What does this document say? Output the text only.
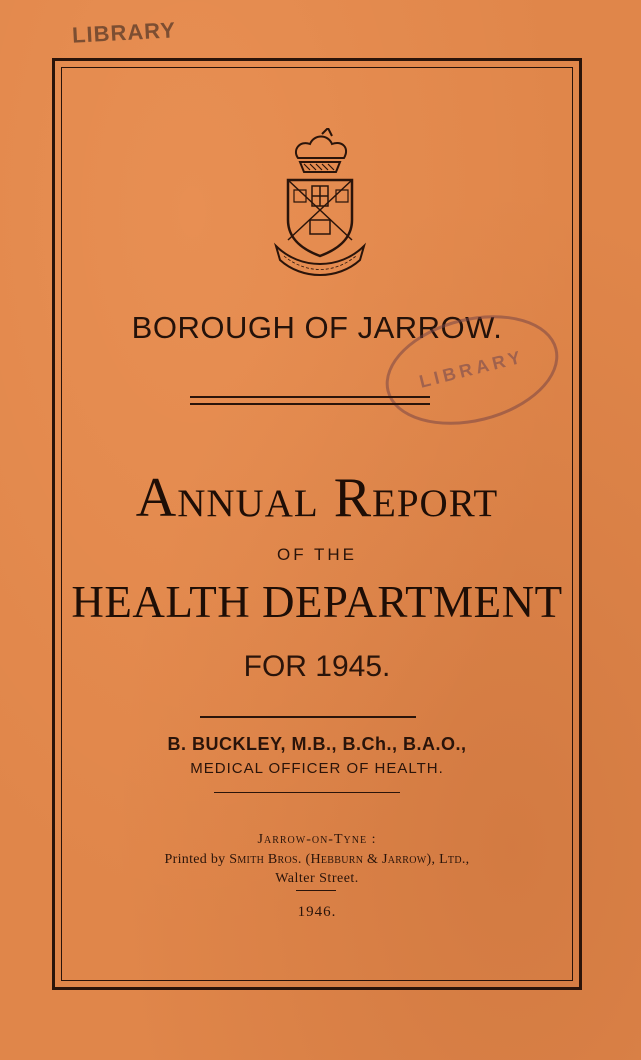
LIBRARY
BOROUGH OF JARROW.
LIBRARY
Annual Report
OF THE
HEALTH DEPARTMENT
FOR 1945.
B. BUCKLEY, M.B., B.Ch., B.A.O.,
MEDICAL OFFICER OF HEALTH.
Jarrow-on-Tyne :
Printed by Smith Bros. (Hebburn & Jarrow), Ltd.,
Walter Street.
1946.
